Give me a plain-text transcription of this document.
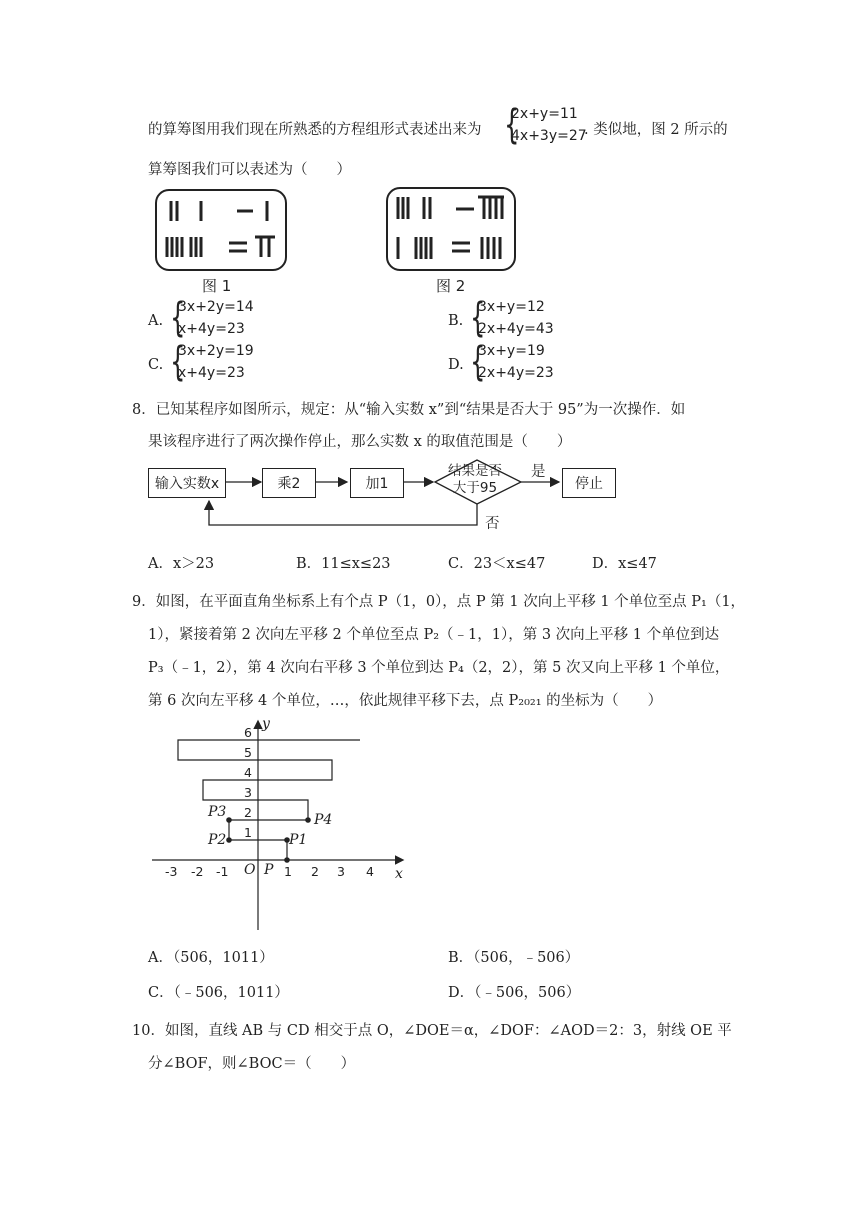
的算筹图用我们现在所熟悉的方程组形式表述出来为 {
2x+y=11
4x+3y=27
. 类似地，图 2 所示的
算筹图我们可以表述为（　　）
图 1	图 2
A. {
3x+2y=14
x+4y=23	B. {
3x+y=12
2x+4y=43
C. {
3x+2y=19
x+4y=23	D. {
3x+y=19
2x+4y=23
8．已知某程序如图所示，规定：从“输入实数 x”到“结果是否大于 95”为一次操作．如
果该程序进行了两次操作停止，那么实数 x 的取值范围是（　　）
输入实数x	乘2	加1
结果是否
大于95
是
否
停止
A．x＞23	B．11≤x≤23	C．23＜x≤47	D．x≤47
9．如图，在平面直角坐标系上有个点 P（1，0），点 P 第 1 次向上平移 1 个单位至点 P₁（1，
1），紧接着第 2 次向左平移 2 个单位至点 P₂（﹣1，1），第 3 次向上平移 1 个单位到达
P₃（﹣1，2），第 4 次向右平移 3 个单位到达 P₄（2，2），第 5 次又向上平移 1 个单位，
第 6 次向左平移 4 个单位，…，依此规律平移下去，点 P₂₀₂₁ 的坐标为（　　）
y
x
O
-3 -2 -1	1 2 3 4
1
2
3
4
5
6
P
P1
P2
P3	P4
A．（506，1011）	B．（506，﹣506）
C．（﹣506，1011）	D．（﹣506，506）
10．如图，直线 AB 与 CD 相交于点 O，∠DOE＝α，∠DOF：∠AOD＝2：3，射线 OE 平
分∠BOF，则∠BOC＝（　　）
